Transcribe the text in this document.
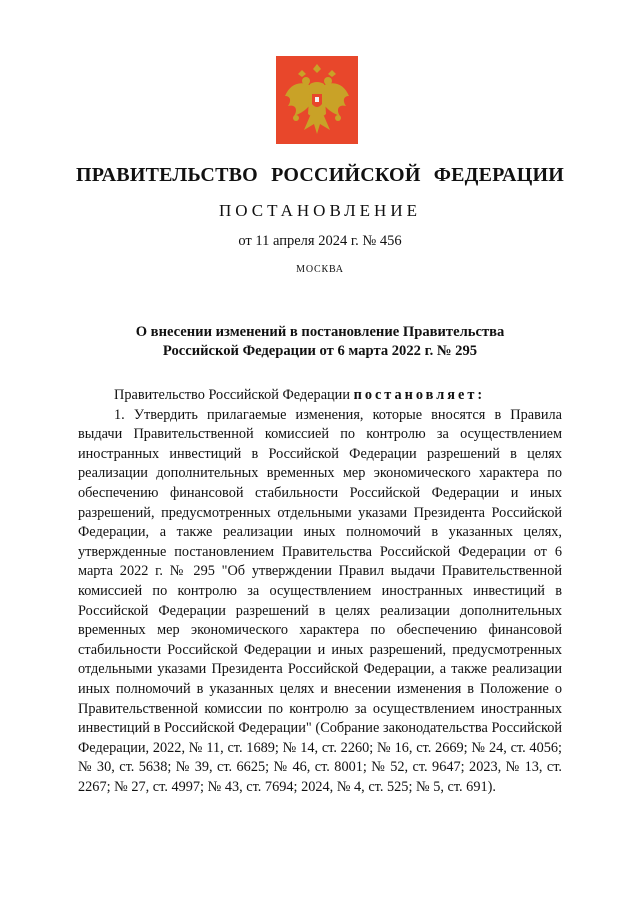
ПРАВИТЕЛЬСТВО РОССИЙСКОЙ ФЕДЕРАЦИИ
ПОСТАНОВЛЕНИЕ
от 11 апреля 2024 г. № 456
МОСКВА
О внесении изменений в постановление Правительства
Российской Федерации от 6 марта 2022 г. № 295

Правительство Российской Федерации постановляет:

1. Утвердить прилагаемые изменения, которые вносятся в Правила выдачи Правительственной комиссией по контролю за осуществлением иностранных инвестиций в Российской Федерации разрешений в целях реализации дополнительных временных мер экономического характера по обеспечению финансовой стабильности Российской Федерации и иных разрешений, предусмотренных отдельными указами Президента Российской Федерации, а также реализации иных полномочий в указанных целях, утвержденные постановлением Правительства Российской Федерации от 6 марта 2022 г. № 295 "Об утверждении Правил выдачи Правительственной комиссией по контролю за осуществлением иностранных инвестиций в Российской Федерации разрешений в целях реализации дополнительных временных мер экономического характера по обеспечению финансовой стабильности Российской Федерации и иных разрешений, предусмотренных отдельными указами Президента Российской Федерации, а также реализации иных полномочий в указанных целях и внесении изменения в Положение о Правительственной комиссии по контролю за осуществлением иностранных инвестиций в Российской Федерации" (Собрание законодательства Российской Федерации, 2022, № 11, ст. 1689; № 14, ст. 2260; № 16, ст. 2669; № 24, ст. 4056; № 30, ст. 5638; № 39, ст. 6625; № 46, ст. 8001; № 52, ст. 9647; 2023, № 13, ст. 2267; № 27, ст. 4997; № 43, ст. 7694; 2024, № 4, ст. 525; № 5, ст. 691).
